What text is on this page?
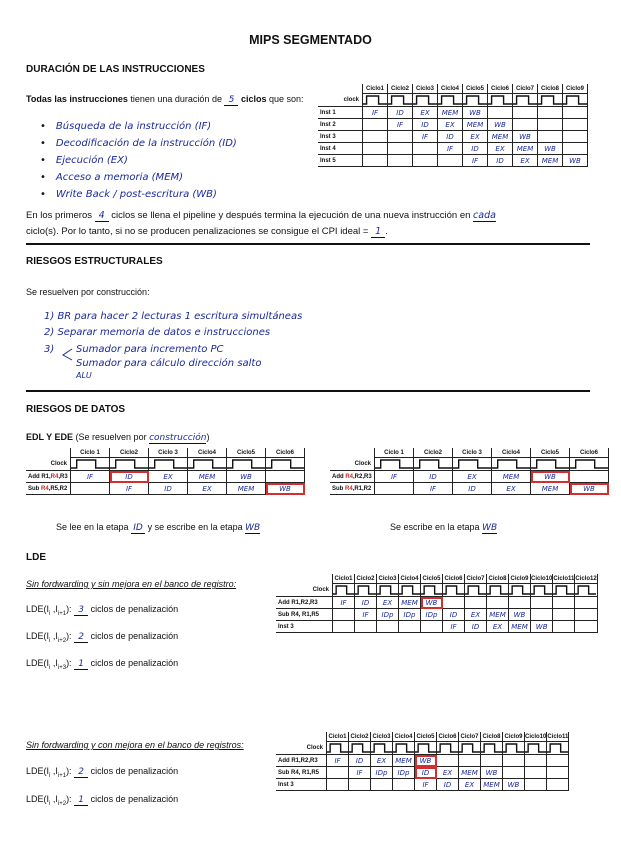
MIPS SEGMENTADO
DURACIÓN DE LAS INSTRUCCIONES
Todas las instrucciones tienen una duración de 5 ciclos que son:
• Búsqueda de la instrucción (IF)
• Decodificación de la instrucción (ID)
• Ejecución (EX)
• Acceso a memoria (MEM)
• Write Back / post-escritura (WB)
	Ciclo1	Ciclo2	Ciclo3	Ciclo4	Ciclo5	Ciclo6	Ciclo7	Ciclo8	Ciclo9
clock	

Inst 1	IF	ID	EX	MEM	WB				
Inst 2		IF	ID	EX	MEM	WB			
Inst 3			IF	ID	EX	MEM	WB		
Inst 4				IF	ID	EX	MEM	WB	
Inst 5					IF	ID	EX	MEM	WB
En los primeros 4 ciclos se llena el pipeline y después termina la ejecución de una nueva instrucción en cada
ciclo(s). Por lo tanto, si no se producen penalizaciones se consigue el CPI ideal = 1 .
RIESGOS ESTRUCTURALES
Se resuelven por construcción:
1) BR para hacer 2 lecturas 1 escritura simultáneas
2) Separar memoria de datos e instrucciones
3) Sumador para incremento PC
Sumador para cálculo dirección salto
ALU
RIESGOS DE DATOS
EDL Y EDE (Se resuelven por construcción)
	Ciclo 1	Ciclo2	Ciclo 3	Ciclo4	Ciclo5	Ciclo6
Clock	

Add R1,R4,R3	IF	ID	EX	MEM	WB	
Sub R4,R5,R2		IF	ID	EX	MEM	WB
	Ciclo 1	Ciclo2	Ciclo 3	Ciclo4	Ciclo5	Ciclo6
Clock	

Add R4,R2,R3	IF	ID	EX	MEM	WB	
Sub R4,R1,R2		IF	ID	EX	MEM	WB
Se lee en la etapa ID y se escribe en la etapa WB	Se escribe en la etapa WB
LDE
Sin fordwarding y sin mejora en el banco de registro:
$LDE(I_i$ $,I_{i+1}$): 3 ciclos de penalización
$LDE(I_i$ $,I_{i+2}$): 2 ciclos de penalización
$LDE(I_i$ $,I_{i+3}$): 1 ciclos de penalización
	Ciclo1	Ciclo2	Ciclo3	Ciclo4	Ciclo5	Ciclo6	Ciclo7	Ciclo8	Ciclo9	Ciclo10	Ciclo11	Ciclo12
Clock	

Add R1,R2,R3	IF	ID	EX	MEM	WB							
Sub R4, R1,R5		IF	IDp	IDp	IDp	ID	EX	MEM	WB			
Inst 3						IF	ID	EX	MEM	WB		
Sin fordwarding y con mejora en el banco de registros:
$LDE(I_i$ $,I_{i+1}$): 2 ciclos de penalización
$LDE(I_i$ $,I_{i+2}$): 1 ciclos de penalización
	Ciclo1	Ciclo2	Ciclo3	Ciclo4	Ciclo5	Ciclo6	Ciclo7	Ciclo8	Ciclo9	Ciclo10	Ciclo11
Clock	

Add R1,R2,R3	IF	ID	EX	MEM	WB						
Sub R4, R1,R5		IF	IDp	IDp	ID	EX	MEM	WB			
Inst 3					IF	ID	EX	MEM	WB		
